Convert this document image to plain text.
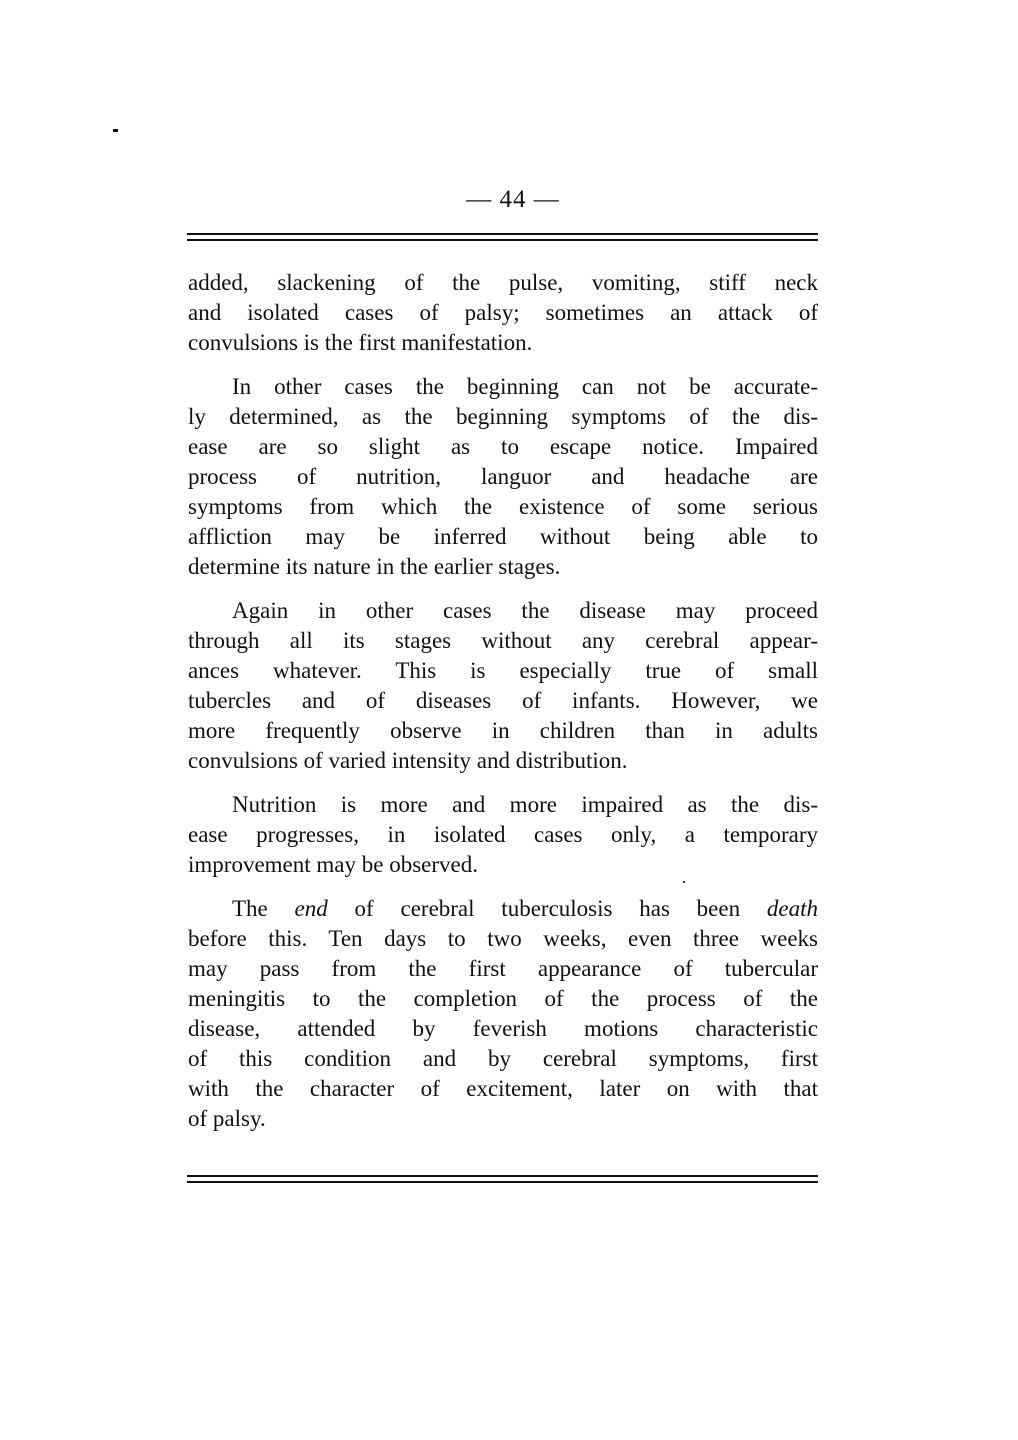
— 44 —
added, slackening of the pulse, vomiting, stiff neck
and isolated cases of palsy; sometimes an attack of
convulsions is the first manifestation.
In other cases the beginning can not be accurate-
ly determined, as the beginning symptoms of the dis-
ease are so slight as to escape notice. Impaired
process of nutrition, languor and headache are
symptoms from which the existence of some serious
affliction may be inferred without being able to
determine its nature in the earlier stages.
Again in other cases the disease may proceed
through all its stages without any cerebral appear-
ances whatever. This is especially true of small
tubercles and of diseases of infants. However, we
more frequently observe in children than in adults
convulsions of varied intensity and distribution.
Nutrition is more and more impaired as the dis-
ease progresses, in isolated cases only, a temporary
improvement may be observed.
The end of cerebral tuberculosis has been death
before this. Ten days to two weeks, even three weeks
may pass from the first appearance of tubercular
meningitis to the completion of the process of the
disease, attended by feverish motions characteristic
of this condition and by cerebral symptoms, first
with the character of excitement, later on with that
of palsy.
